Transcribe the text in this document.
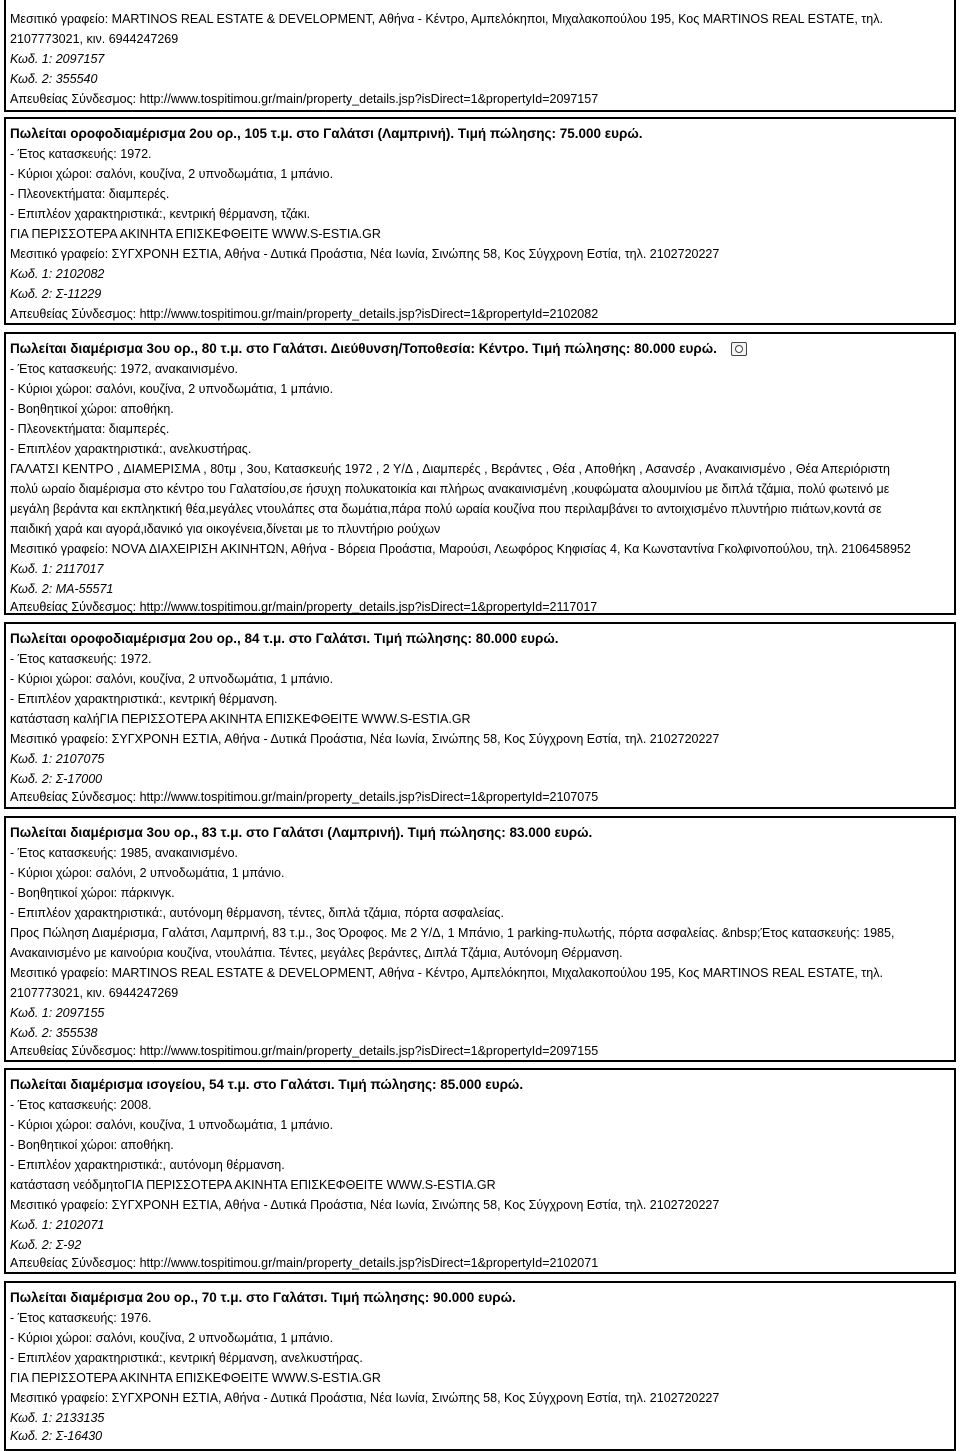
Μεσιτικό γραφείο: MARTINOS REAL ESTATE & DEVELOPMENT, Αθήνα - Κέντρο, Αμπελόκηποι, Μιχαλακοπούλου 195, Κος MARTINOS REAL ESTATE, τηλ.
2107773021, κιν. 6944247269
Κωδ. 1: 2097157
Κωδ. 2: 355540
Απευθείας Σύνδεσμος: http://www.tospitimou.gr/main/property_details.jsp?isDirect=1&propertyId=2097157
Πωλείται οροφοδιαμέρισμα 2ου ορ., 105 τ.μ. στο Γαλάτσι (Λαμπρινή). Τιμή πώλησης: 75.000 ευρώ.
- Έτος κατασκευής: 1972.
- Κύριοι χώροι: σαλόνι, κουζίνα, 2 υπνοδωμάτια, 1 μπάνιο.
- Πλεονεκτήματα: διαμπερές.
- Επιπλέον χαρακτηριστικά:, κεντρική θέρμανση, τζάκι.
ΓΙΑ ΠΕΡΙΣΣΟΤΕΡΑ ΑΚΙΝΗΤΑ ΕΠΙΣΚΕΦΘΕΙΤΕ WWW.S-ESTIA.GR
Μεσιτικό γραφείο: ΣΥΓΧΡΟΝΗ ΕΣΤΙΑ, Αθήνα - Δυτικά Προάστια, Νέα Ιωνία, Σινώπης 58, Κος Σύγχρονη Εστία, τηλ. 2102720227
Κωδ. 1: 2102082
Κωδ. 2: Σ-11229
Απευθείας Σύνδεσμος: http://www.tospitimou.gr/main/property_details.jsp?isDirect=1&propertyId=2102082
Πωλείται διαμέρισμα 3ου ορ., 80 τ.μ. στο Γαλάτσι. Διεύθυνση/Τοποθεσία: Κέντρο. Τιμή πώλησης: 80.000 ευρώ.
- Έτος κατασκευής: 1972, ανακαινισμένο.
- Κύριοι χώροι: σαλόνι, κουζίνα, 2 υπνοδωμάτια, 1 μπάνιο.
- Βοηθητικοί χώροι: αποθήκη.
- Πλεονεκτήματα: διαμπερές.
- Επιπλέον χαρακτηριστικά:, ανελκυστήρας.
ΓΑΛΑΤΣΙ ΚΕΝΤΡΟ , ΔΙΑΜΕΡΙΣΜΑ , 80τμ , 3ου, Κατασκευής 1972 , 2 Υ/Δ , Διαμπερές , Βεράντες , Θέα , Αποθήκη , Ασανσέρ , Ανακαινισμένο , Θέα Απεριόριστη
πολύ ωραίο διαμέρισμα στο κέντρο του Γαλατσίου,σε ήσυχη πολυκατοικία και πλήρως ανακαινισμένη ,κουφώματα αλουμινίου με διπλά τζάμια, πολύ φωτεινό με
μεγάλη βεράντα και εκπληκτική θέα,μεγάλες ντουλάπες στα δωμάτια,πάρα πολύ ωραία κουζίνα που περιλαμβάνει το αντοιχισμένο πλυντήριο πιάτων,κοντά σε
παιδική χαρά και αγορά,ιδανικό για οικογένεια,δίνεται με το πλυντήριο ρούχων
Μεσιτικό γραφείο: NOVA ΔΙΑΧΕΙΡΙΣΗ ΑΚΙΝΗΤΩΝ, Αθήνα - Βόρεια Προάστια, Μαρούσι, Λεωφόρος Κηφισίας 4, Κα Κωνσταντίνα Γκολφινοπούλου, τηλ. 2106458952
Κωδ. 1: 2117017
Κωδ. 2: ΜΑ-55571
Απευθείας Σύνδεσμος: http://www.tospitimou.gr/main/property_details.jsp?isDirect=1&propertyId=2117017
Πωλείται οροφοδιαμέρισμα 2ου ορ., 84 τ.μ. στο Γαλάτσι. Τιμή πώλησης: 80.000 ευρώ.
- Έτος κατασκευής: 1972.
- Κύριοι χώροι: σαλόνι, κουζίνα, 2 υπνοδωμάτια, 1 μπάνιο.
- Επιπλέον χαρακτηριστικά:, κεντρική θέρμανση.
κατάσταση καλήΓΙΑ ΠΕΡΙΣΣΟΤΕΡΑ ΑΚΙΝΗΤΑ ΕΠΙΣΚΕΦΘΕΙΤΕ WWW.S-ESTIA.GR
Μεσιτικό γραφείο: ΣΥΓΧΡΟΝΗ ΕΣΤΙΑ, Αθήνα - Δυτικά Προάστια, Νέα Ιωνία, Σινώπης 58, Κος Σύγχρονη Εστία, τηλ. 2102720227
Κωδ. 1: 2107075
Κωδ. 2: Σ-17000
Απευθείας Σύνδεσμος: http://www.tospitimou.gr/main/property_details.jsp?isDirect=1&propertyId=2107075
Πωλείται διαμέρισμα 3ου ορ., 83 τ.μ. στο Γαλάτσι (Λαμπρινή). Τιμή πώλησης: 83.000 ευρώ.
- Έτος κατασκευής: 1985, ανακαινισμένο.
- Κύριοι χώροι: σαλόνι, 2 υπνοδωμάτια, 1 μπάνιο.
- Βοηθητικοί χώροι: πάρκινγκ.
- Επιπλέον χαρακτηριστικά:, αυτόνομη θέρμανση, τέντες, διπλά τζάμια, πόρτα ασφαλείας.
Προς Πώληση Διαμέρισμα, Γαλάτσι, Λαμπρινή, 83 τ.μ., 3ος Όροφος. Με 2 Υ/Δ, 1 Μπάνιο, 1 parking-πυλωτής, πόρτα ασφαλείας. &nbsp;Έτος κατασκευής: 1985,
Ανακαινισμένο με καινούρια κουζίνα, ντουλάπια. Τέντες, μεγάλες βεράντες, Διπλά Τζάμια, Αυτόνομη Θέρμανση.
Μεσιτικό γραφείο: MARTINOS REAL ESTATE & DEVELOPMENT, Αθήνα - Κέντρο, Αμπελόκηποι, Μιχαλακοπούλου 195, Κος MARTINOS REAL ESTATE, τηλ.
2107773021, κιν. 6944247269
Κωδ. 1: 2097155
Κωδ. 2: 355538
Απευθείας Σύνδεσμος: http://www.tospitimou.gr/main/property_details.jsp?isDirect=1&propertyId=2097155
Πωλείται διαμέρισμα ισογείου, 54 τ.μ. στο Γαλάτσι. Τιμή πώλησης: 85.000 ευρώ.
- Έτος κατασκευής: 2008.
- Κύριοι χώροι: σαλόνι, κουζίνα, 1 υπνοδωμάτια, 1 μπάνιο.
- Βοηθητικοί χώροι: αποθήκη.
- Επιπλέον χαρακτηριστικά:, αυτόνομη θέρμανση.
κατάσταση νεόδμητοΓΙΑ ΠΕΡΙΣΣΟΤΕΡΑ ΑΚΙΝΗΤΑ ΕΠΙΣΚΕΦΘΕΙΤΕ WWW.S-ESTIA.GR
Μεσιτικό γραφείο: ΣΥΓΧΡΟΝΗ ΕΣΤΙΑ, Αθήνα - Δυτικά Προάστια, Νέα Ιωνία, Σινώπης 58, Κος Σύγχρονη Εστία, τηλ. 2102720227
Κωδ. 1: 2102071
Κωδ. 2: Σ-92
Απευθείας Σύνδεσμος: http://www.tospitimou.gr/main/property_details.jsp?isDirect=1&propertyId=2102071
Πωλείται διαμέρισμα 2ου ορ., 70 τ.μ. στο Γαλάτσι. Τιμή πώλησης: 90.000 ευρώ.
- Έτος κατασκευής: 1976.
- Κύριοι χώροι: σαλόνι, κουζίνα, 2 υπνοδωμάτια, 1 μπάνιο.
- Επιπλέον χαρακτηριστικά:, κεντρική θέρμανση, ανελκυστήρας.
ΓΙΑ ΠΕΡΙΣΣΟΤΕΡΑ ΑΚΙΝΗΤΑ ΕΠΙΣΚΕΦΘΕΙΤΕ WWW.S-ESTIA.GR
Μεσιτικό γραφείο: ΣΥΓΧΡΟΝΗ ΕΣΤΙΑ, Αθήνα - Δυτικά Προάστια, Νέα Ιωνία, Σινώπης 58, Κος Σύγχρονη Εστία, τηλ. 2102720227
Κωδ. 1: 2133135
Κωδ. 2: Σ-16430
